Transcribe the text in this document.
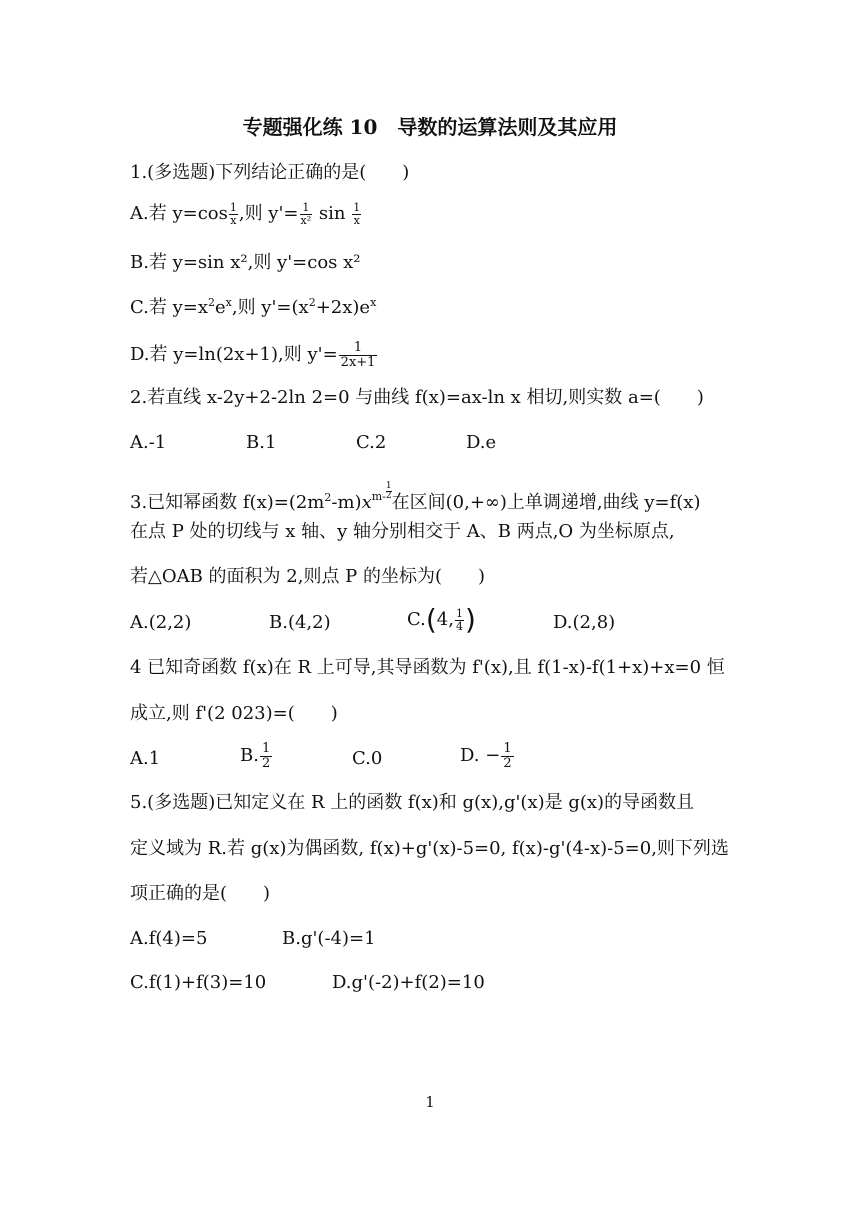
专题强化练 10　导数的运算法则及其应用
1.(多选题)下列结论正确的是(　　)
A.若 $y=\cos \frac{1}{x}$ ,则 $y'= \frac{1}{\text{x²}}$ $\sin \frac{1}{x}$
B.若 y=sin x²,则 y'=cos x²
C.若 $y=x^2e^x$,则 $y'=(x^2+2x)e^x$
D.若 y=ln(2x+1),则 $y'= \frac{1}{2x+1}$
2.若直线 x-2y+2-2ln 2=0 与曲线 f(x)=ax-ln x 相切,则实数 a=(　　)
A.-1	B.1	C.2	D.e
3.已知幂函数 $f(x)=(2m^2-m)x^{m-} \frac{1}{2}$
在区间(0,+∞)上单调递增,曲线 y=f(x)
在点 P 处的切线与 x 轴、y 轴分别相交于 A、B 两点,O 为坐标原点,
若△OAB 的面积为 2,则点 P 的坐标为(　　)
A.(2,2)	B.(4,2)	C.(4, $\frac{1}{4}$ )	D.(2,8)
4 已知奇函数 f(x)在 R 上可导,其导函数为 f'(x),且 f(1-x)-f(1+x)+x=0 恒
成立,则 f'(2 023)=(　　)
A.1	B. $\frac{1}{2}$	C.0	D. − $\frac{1}{2}$
5.(多选题)已知定义在 R 上的函数 f(x)和 g(x),g'(x)是 g(x)的导函数且
定义域为 R.若 g(x)为偶函数, f(x)+g'(x)-5=0, f(x)-g'(4-x)-5=0,则下列选
项正确的是(　　)
A.f(4)=5	B.g'(-4)=1
C.f(1)+f(3)=10	D.g'(-2)+f(2)=10
1
